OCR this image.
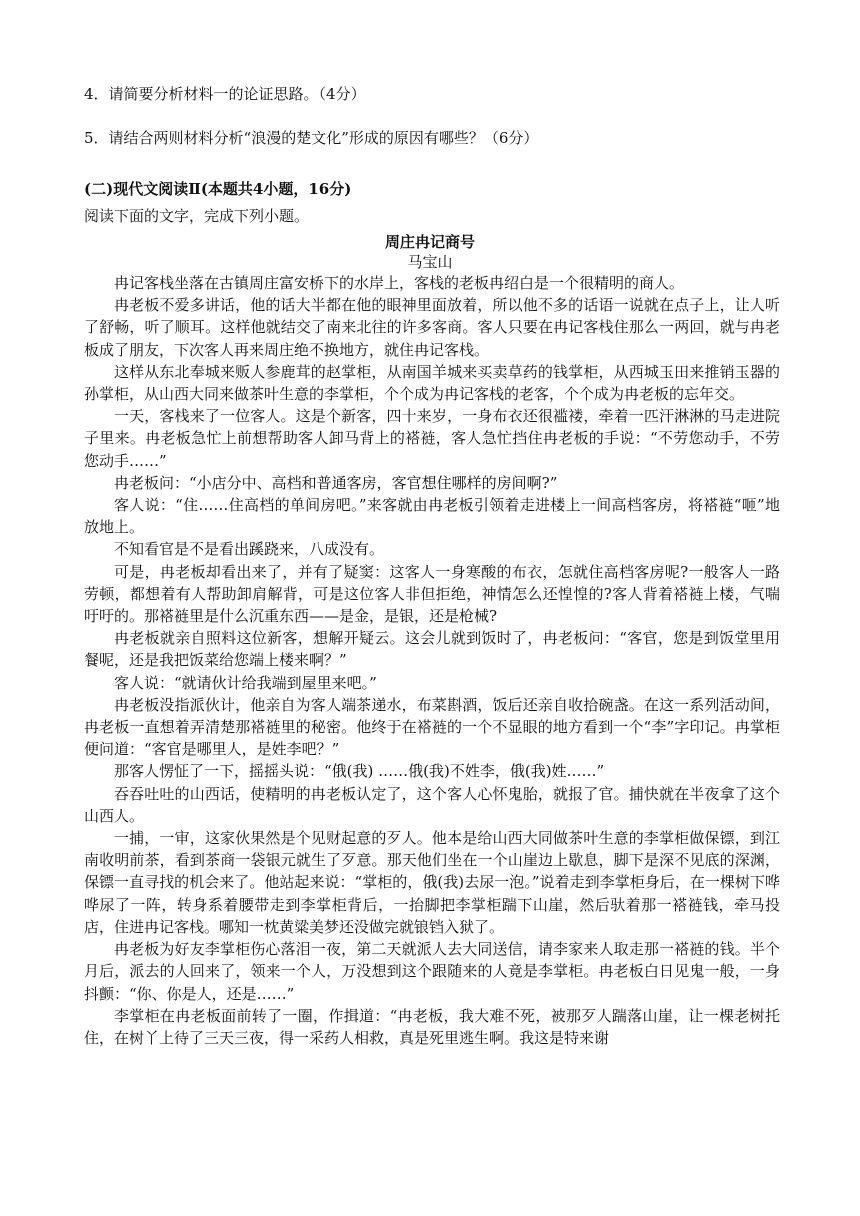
4．请简要分析材料一的论证思路。（4分）
5．请结合两则材料分析“浪漫的楚文化”形成的原因有哪些？（6分）
(二)现代文阅读Ⅱ(本题共4小题，16分)
阅读下面的文字，完成下列小题。
周庄冉记商号
马宝山

冉记客栈坐落在古镇周庄富安桥下的水岸上，客栈的老板冉绍白是一个很精明的商人。

冉老板不爱多讲话，他的话大半都在他的眼神里面放着，所以他不多的话语一说就在点子上，让人听了舒畅，听了顺耳。这样他就结交了南来北往的许多客商。客人只要在冉记客栈住那么一两回，就与冉老板成了朋友，下次客人再来周庄绝不换地方，就住冉记客栈。

这样从东北奉城来贩人参鹿茸的赵掌柜，从南国羊城来买卖草药的钱掌柜，从西城玉田来推销玉器的孙掌柜，从山西大同来做茶叶生意的李掌柜，个个成为冉记客栈的老客，个个成为冉老板的忘年交。

一天，客栈来了一位客人。这是个新客，四十来岁，一身布衣还很褴褛，牵着一匹汗淋淋的马走进院子里来。冉老板急忙上前想帮助客人卸马背上的褡裢，客人急忙挡住冉老板的手说：“不劳您动手，不劳您动手……”

冉老板问：“小店分中、高档和普通客房，客官想住哪样的房间啊?”

客人说：“住……住高档的单间房吧。”来客就由冉老板引领着走进楼上一间高档客房，将褡裢“咂”地放地上。

不知看官是不是看出蹊跷来，八成没有。

可是，冉老板却看出来了，并有了疑窦：这客人一身寒酸的布衣，怎就住高档客房呢?一般客人一路劳顿，都想着有人帮助卸肩解背，可是这位客人非但拒绝，神情怎么还惶惶的?客人背着褡裢上楼，气喘吁吁的。那褡裢里是什么沉重东西——是金，是银，还是枪械?

冉老板就亲自照料这位新客，想解开疑云。这会儿就到饭时了，冉老板问：“客官，您是到饭堂里用餐呢，还是我把饭菜给您端上楼来啊？”

客人说：“就请伙计给我端到屋里来吧。”

冉老板没指派伙计，他亲自为客人端茶递水，布菜斟酒，饭后还亲自收拾碗盏。在这一系列活动间，冉老板一直想着弄清楚那褡裢里的秘密。他终于在褡裢的一个不显眼的地方看到一个“李”字印记。冉掌柜便问道：“客官是哪里人，是姓李吧？”

那客人愣怔了一下，摇摇头说：“俄(我) ……俄(我)不姓李，俄(我)姓……”

吞吞吐吐的山西话，使精明的冉老板认定了，这个客人心怀鬼胎，就报了官。捕快就在半夜拿了这个山西人。

一捕，一审，这家伙果然是个见财起意的歹人。他本是给山西大同做茶叶生意的李掌柜做保镖，到江南收明前茶，看到茶商一袋银元就生了歹意。那天他们坐在一个山崖边上歇息，脚下是深不见底的深渊，保镖一直寻找的机会来了。他站起来说：“掌柜的，俄(我)去尿一泡。”说着走到李掌柜身后，在一棵树下哗哗尿了一阵，转身系着腰带走到李掌柜背后，一抬脚把李掌柜踹下山崖，然后驮着那一褡裢钱，牵马投店，住进冉记客栈。哪知一枕黄粱美梦还没做完就锒铛入狱了。

冉老板为好友李掌柜伤心落泪一夜，第二天就派人去大同送信，请李家来人取走那一褡裢的钱。半个月后，派去的人回来了，领来一个人，万没想到这个跟随来的人竟是李掌柜。冉老板白日见鬼一般，一身抖颤：“你、你是人，还是……”

李掌柜在冉老板面前转了一圈，作揖道：“冉老板，我大难不死，被那歹人踹落山崖，让一棵老树托住，在树丫上待了三天三夜，得一采药人相救，真是死里逃生啊。我这是特来谢
